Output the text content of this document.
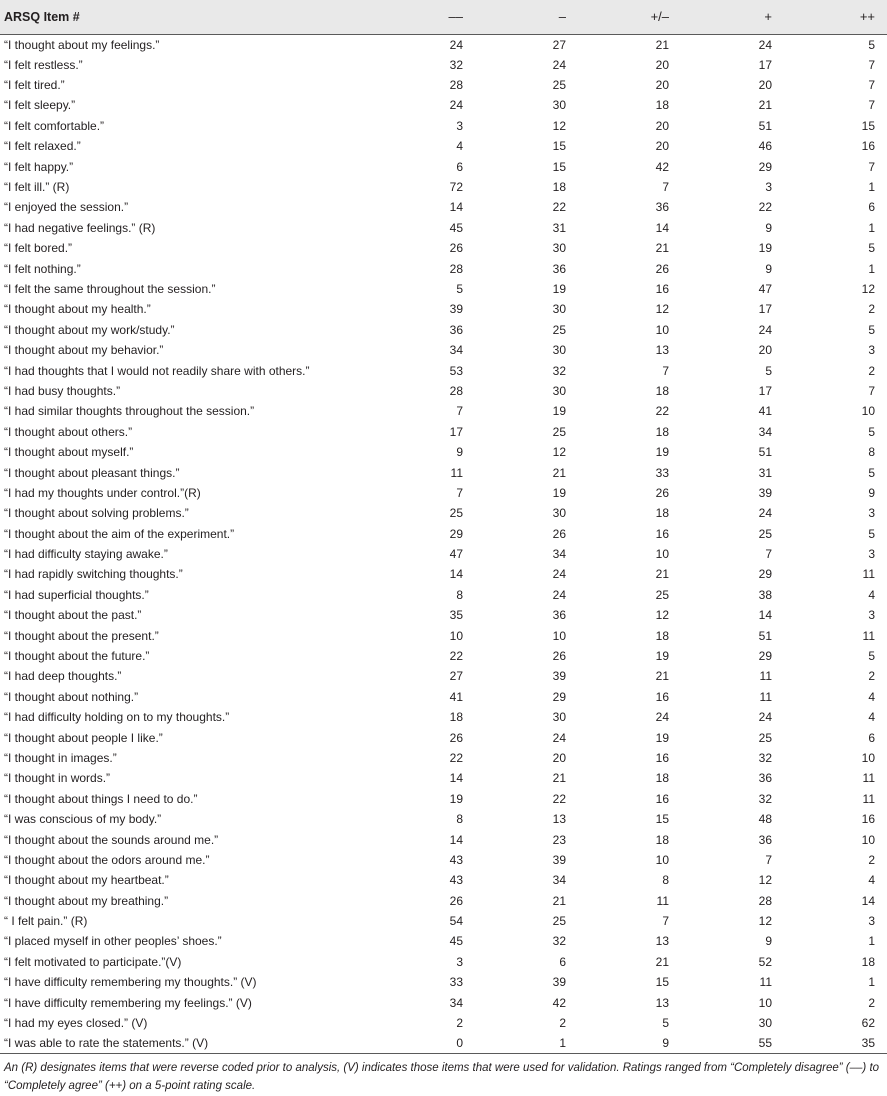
ARSQ Item #	––	–	+/–	+	++
“I thought about my feelings.”	24	27	21	24	5
“I felt restless.”	32	24	20	17	7
“I felt tired.”	28	25	20	20	7
“I felt sleepy.”	24	30	18	21	7
“I felt comfortable.”	3	12	20	51	15
“I felt relaxed.”	4	15	20	46	16
“I felt happy.”	6	15	42	29	7
“I felt ill.” (R)	72	18	7	3	1
“I enjoyed the session.”	14	22	36	22	6
“I had negative feelings.” (R)	45	31	14	9	1
“I felt bored.”	26	30	21	19	5
“I felt nothing.”	28	36	26	9	1
“I felt the same throughout the session.”	5	19	16	47	12
“I thought about my health.”	39	30	12	17	2
“I thought about my work/study.”	36	25	10	24	5
“I thought about my behavior.”	34	30	13	20	3
“I had thoughts that I would not readily share with others.”	53	32	7	5	2
“I had busy thoughts.”	28	30	18	17	7
“I had similar thoughts throughout the session.”	7	19	22	41	10
“I thought about others.”	17	25	18	34	5
“I thought about myself.”	9	12	19	51	8
“I thought about pleasant things.”	11	21	33	31	5
“I had my thoughts under control.”(R)	7	19	26	39	9
“I thought about solving problems.”	25	30	18	24	3
“I thought about the aim of the experiment.”	29	26	16	25	5
“I had difficulty staying awake.”	47	34	10	7	3
“I had rapidly switching thoughts.”	14	24	21	29	11
“I had superficial thoughts.”	8	24	25	38	4
“I thought about the past.”	35	36	12	14	3
“I thought about the present.”	10	10	18	51	11
“I thought about the future.”	22	26	19	29	5
“I had deep thoughts.”	27	39	21	11	2
“I thought about nothing.”	41	29	16	11	4
“I had difficulty holding on to my thoughts.”	18	30	24	24	4
“I thought about people I like.”	26	24	19	25	6
“I thought in images.”	22	20	16	32	10
“I thought in words.”	14	21	18	36	11
“I thought about things I need to do.”	19	22	16	32	11
“I was conscious of my body.”	8	13	15	48	16
“I thought about the sounds around me.”	14	23	18	36	10
“I thought about the odors around me.”	43	39	10	7	2
“I thought about my heartbeat.”	43	34	8	12	4
“I thought about my breathing.”	26	21	11	28	14
“ I felt pain.” (R)	54	25	7	12	3
“I placed myself in other peoples’ shoes.”	45	32	13	9	1
“I felt motivated to participate.”(V)	3	6	21	52	18
“I have difficulty remembering my thoughts.” (V)	33	39	15	11	1
“I have difficulty remembering my feelings.” (V)	34	42	13	10	2
“I had my eyes closed.” (V)	2	2	5	30	62
“I was able to rate the statements.” (V)	0	1	9	55	35
An (R) designates items that were reverse coded prior to analysis, (V) indicates those items that were used for validation. Ratings ranged from “Completely disagree” (––) to “Completely agree” (++) on a 5-point rating scale.
